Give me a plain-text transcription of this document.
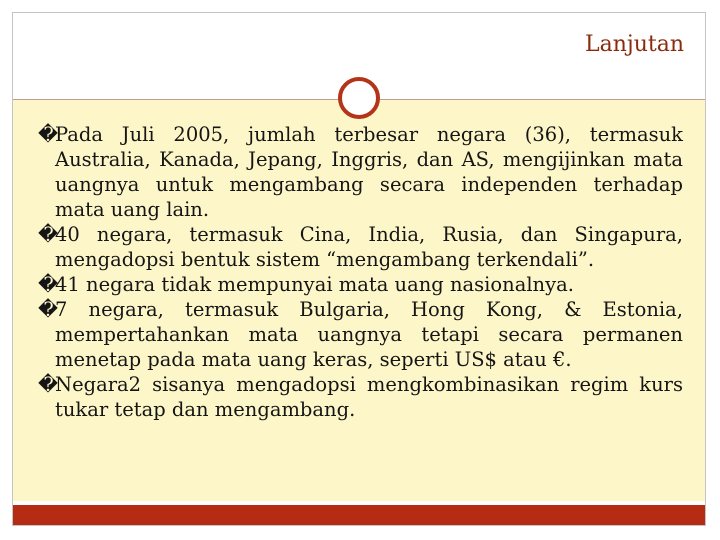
Lanjutan
�
Pada Juli 2005, jumlah terbesar negara (36), termasuk Australia, Kanada, Jepang, Inggris, dan AS, mengijinkan mata uangnya untuk mengambang secara independen terhadap mata uang lain.
�
40 negara, termasuk Cina, India, Rusia, dan Singapura, mengadopsi bentuk sistem “mengambang terkendali”.
�
41 negara tidak mempunyai mata uang nasionalnya.
�
7 negara, termasuk Bulgaria, Hong Kong, & Estonia, mempertahankan mata uangnya tetapi secara permanen menetap pada mata uang keras, seperti US$ atau €.
�
Negara2 sisanya mengadopsi mengkombinasikan regim kurs tukar tetap dan mengambang.
